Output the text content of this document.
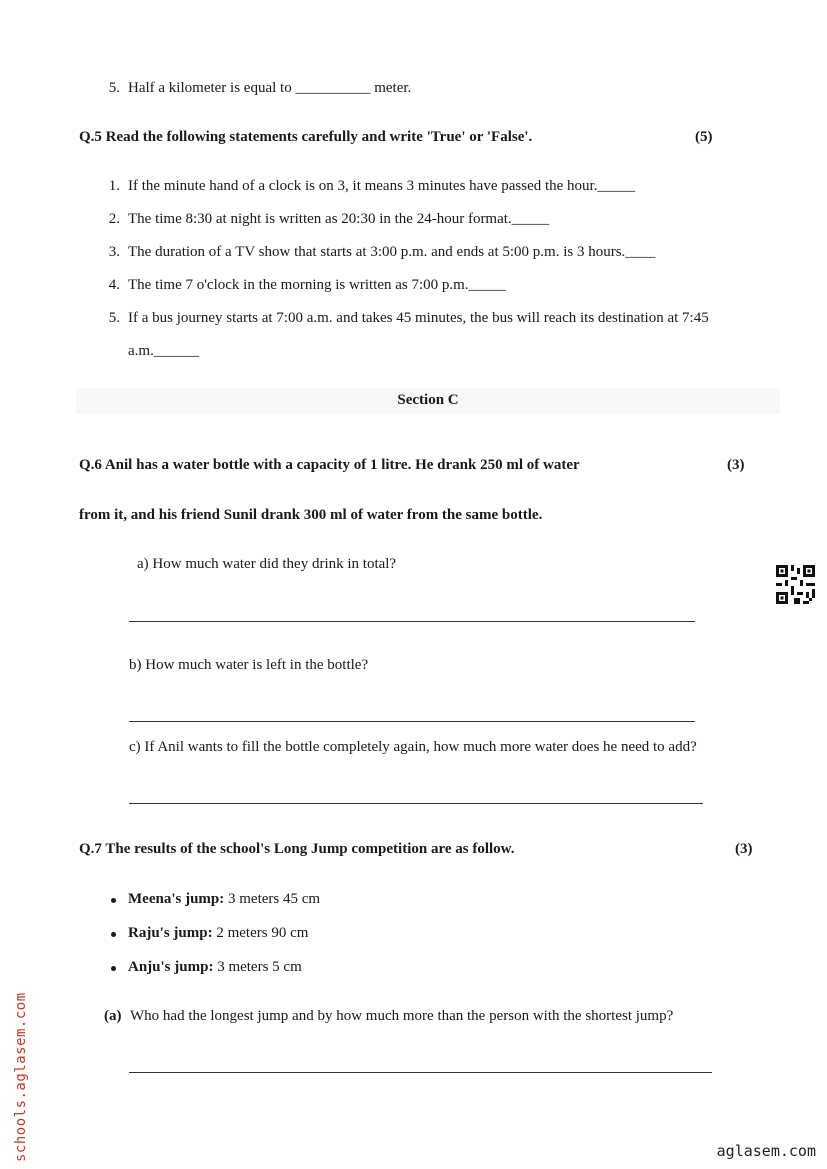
5. Half a kilometer is equal to __________ meter.
Q.5 Read the following statements carefully and write 'True' or 'False'.	(5)
1. If the minute hand of a clock is on 3, it means 3 minutes have passed the hour._____
2. The time 8:30 at night is written as 20:30 in the 24-hour format._____
3. The duration of a TV show that starts at 3:00 p.m. and ends at 5:00 p.m. is 3 hours.____
4. The time 7 o'clock in the morning is written as 7:00 p.m._____
5. If a bus journey starts at 7:00 a.m. and takes 45 minutes, the bus will reach its destination at 7:45
a.m.______
Section C
Q.6 Anil has a water bottle with a capacity of 1 litre. He drank 250 ml of water	(3)
from it, and his friend Sunil drank 300 ml of water from the same bottle.
a) How much water did they drink in total?
b) How much water is left in the bottle?
c) If Anil wants to fill the bottle completely again, how much more water does he need to add?
Q.7 The results of the school's Long Jump competition are as follow.	(3)
Meena's jump: 3 meters 45 cm
Raju's jump: 2 meters 90 cm
Anju's jump: 3 meters 5 cm
(a) Who had the longest jump and by how much more than the person with the shortest jump?
schools.aglasem.com	aglasem.com
